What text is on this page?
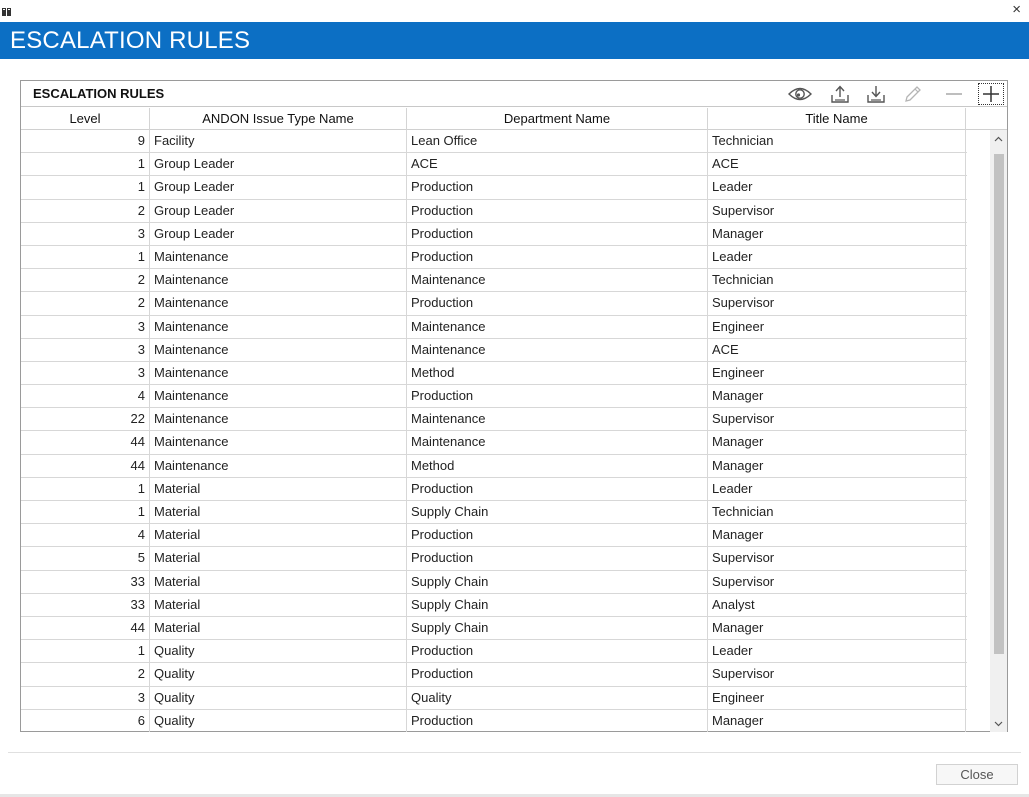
×
ESCALATION RULES
ESCALATION RULES
Level	ANDON Issue Type Name	Department Name	Title Name
9 Facility	Lean Office	Technician
1 Group Leader	ACE	ACE
1 Group Leader	Production	Leader
2 Group Leader	Production	Supervisor
3 Group Leader	Production	Manager
1 Maintenance	Production	Leader
2 Maintenance	Maintenance	Technician
2 Maintenance	Production	Supervisor
3 Maintenance	Maintenance	Engineer
3 Maintenance	Maintenance	ACE
3 Maintenance	Method	Engineer
4 Maintenance	Production	Manager
22 Maintenance	Maintenance	Supervisor
44 Maintenance	Maintenance	Manager
44 Maintenance	Method	Manager
1 Material	Production	Leader
1 Material	Supply Chain	Technician
4 Material	Production	Manager
5 Material	Production	Supervisor
33 Material	Supply Chain	Supervisor
33 Material	Supply Chain	Analyst
44 Material	Supply Chain	Manager
1 Quality	Production	Leader
2 Quality	Production	Supervisor
3 Quality	Quality	Engineer
6 Quality	Production	Manager
Close
